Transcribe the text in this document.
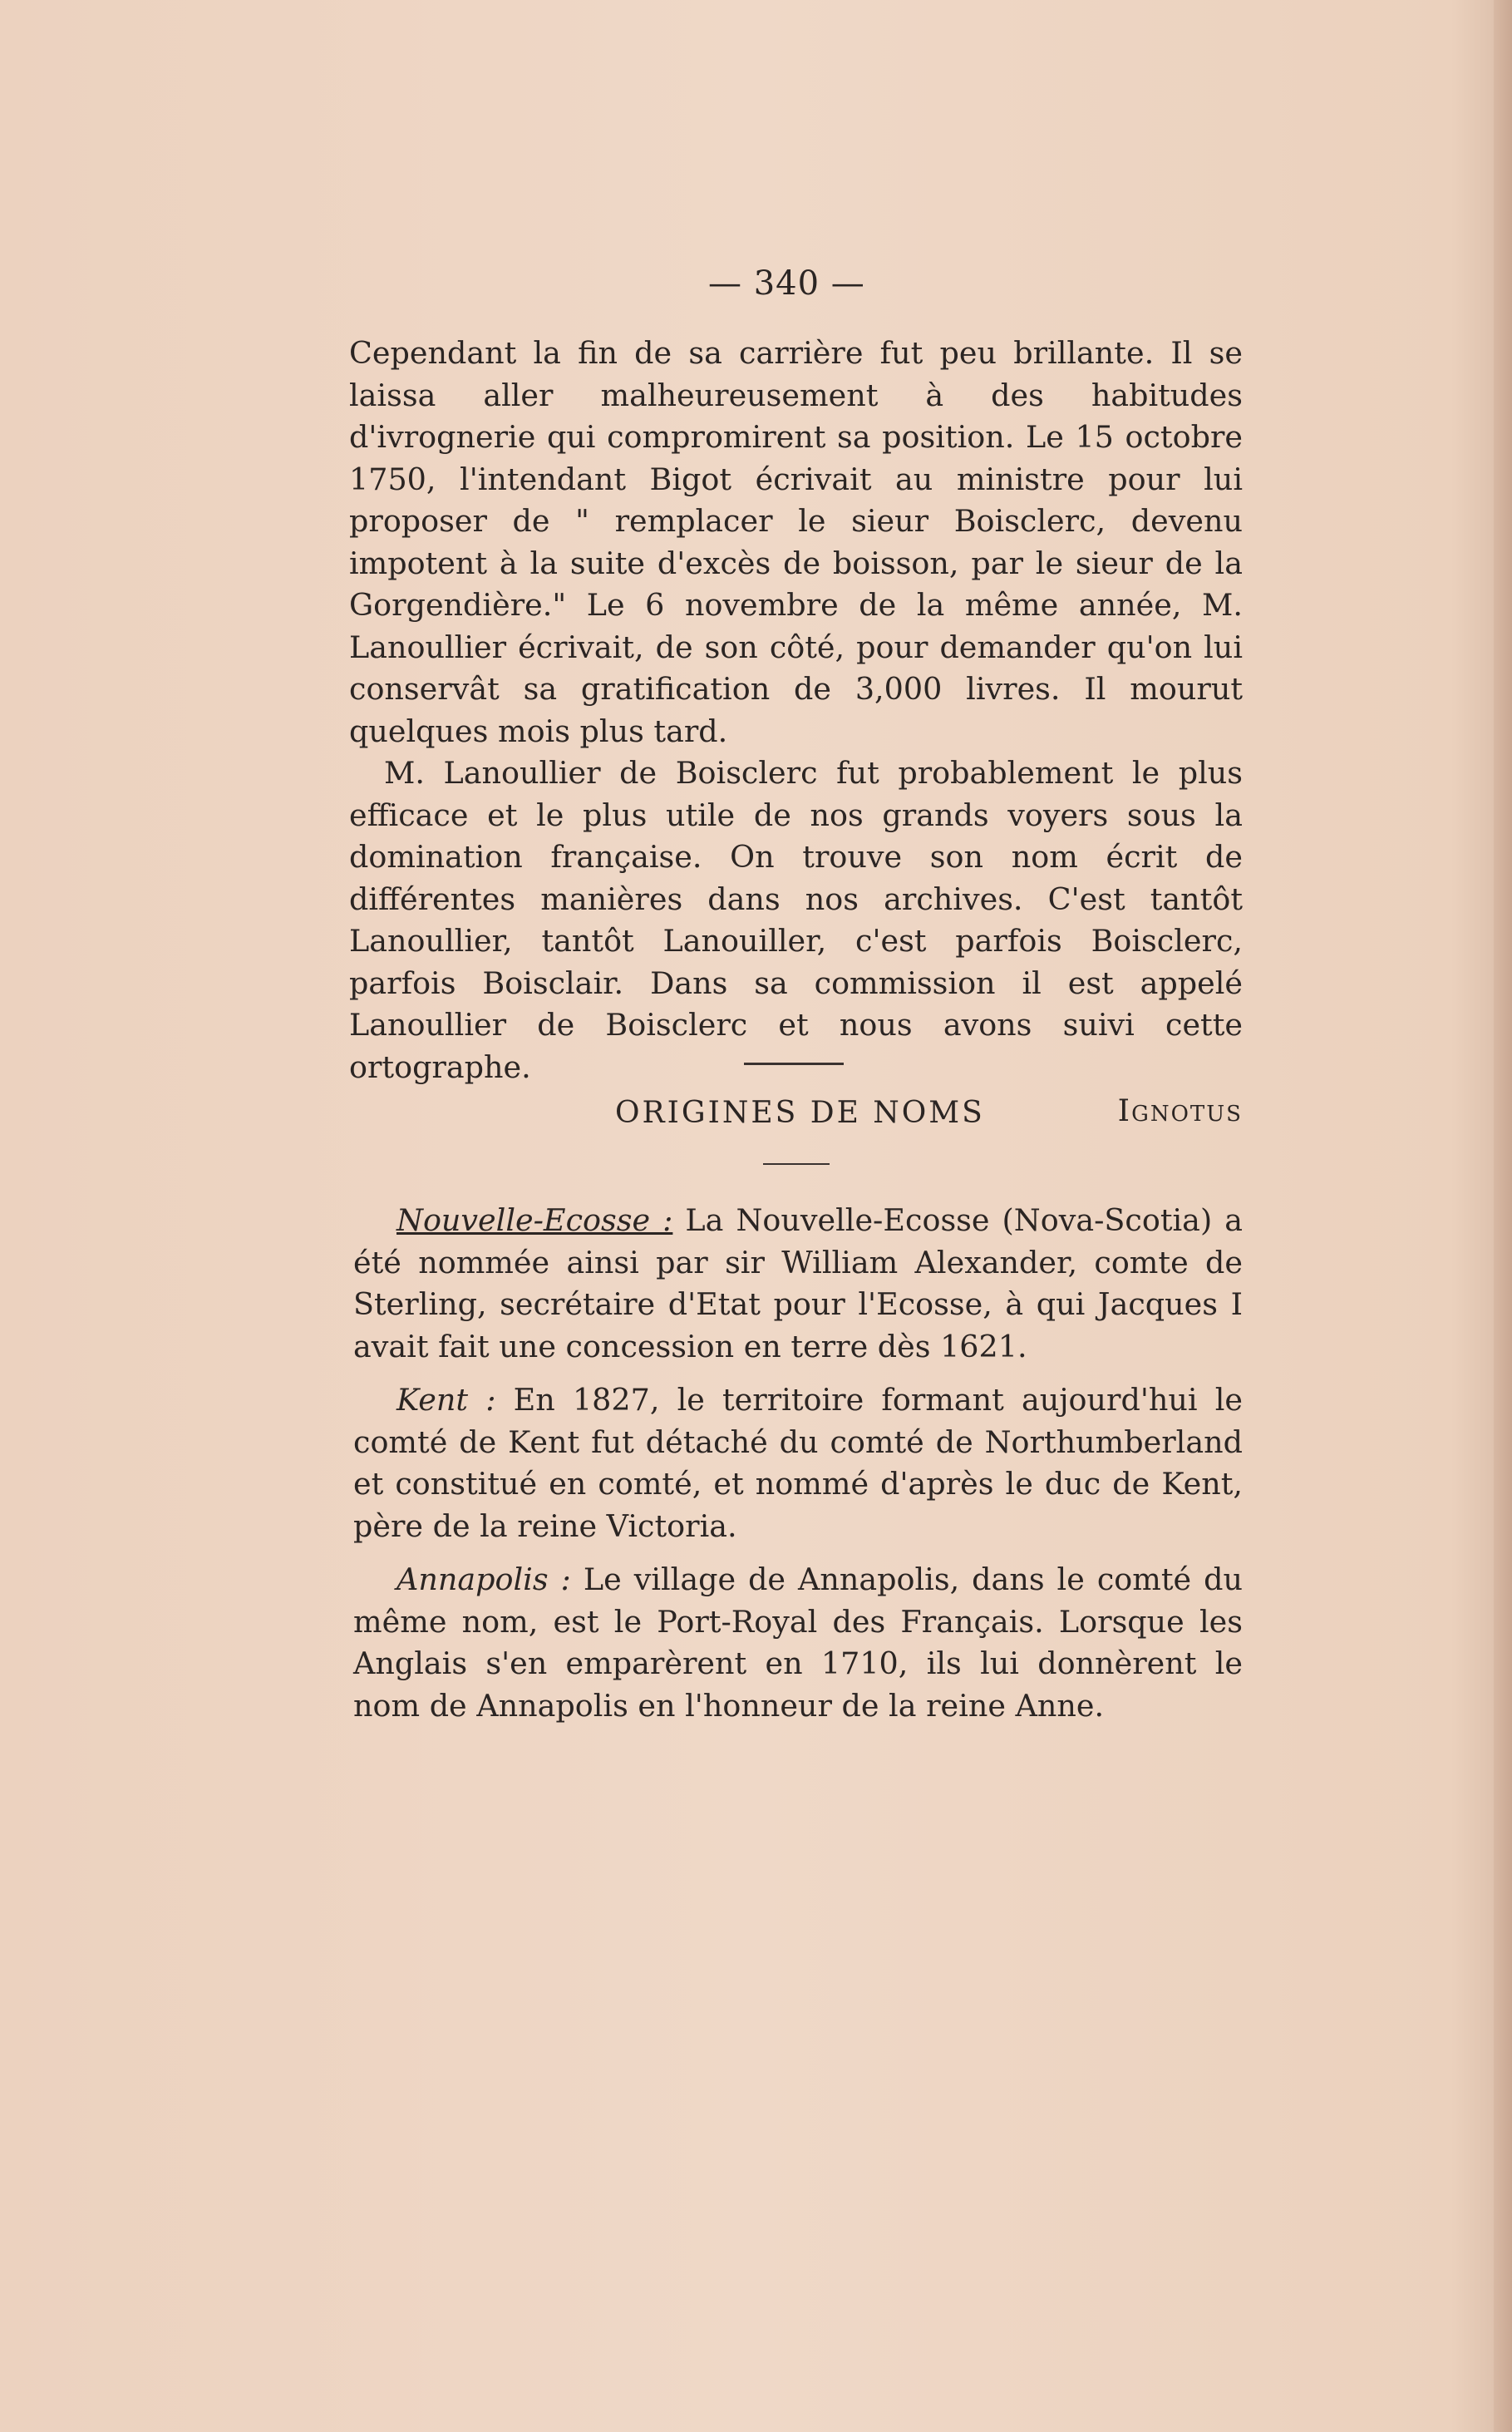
— 340 —

Cependant la fin de sa carrière fut peu brillante. Il se laissa aller malheureusement à des habitudes d'ivrognerie qui compromirent sa position. Le 15 octobre 1750, l'intendant Bigot écrivait au ministre pour lui proposer de " remplacer le sieur Boisclerc, devenu impotent à la suite d'excès de boisson, par le sieur de la Gorgendière." Le 6 novembre de la même année, M. Lanoullier écrivait, de son côté, pour demander qu'on lui conservât sa gratification de 3,000 livres. Il mourut quelques mois plus tard.

M. Lanoullier de Boisclerc fut probablement le plus efficace et le plus utile de nos grands voyers sous la domination française. On trouve son nom écrit de différentes manières dans nos archives. C'est tantôt Lanoullier, tantôt Lanouiller, c'est parfois Boisclerc, parfois Boisclair. Dans sa commission il est appelé Lanoullier de Boisclerc et nous avons suivi cette ortographe.

Ignotus

ORIGINES DE NOMS

Nouvelle-Ecosse : La Nouvelle-Ecosse (Nova-Scotia) a été nommée ainsi par sir William Alexander, comte de Sterling, secrétaire d'Etat pour l'Ecosse, à qui Jacques I avait fait une concession en terre dès 1621.

Kent : En 1827, le territoire formant aujourd'hui le comté de Kent fut détaché du comté de Northumberland et constitué en comté, et nommé d'après le duc de Kent, père de la reine Victoria.

Annapolis : Le village de Annapolis, dans le comté du même nom, est le Port-Royal des Français. Lorsque les Anglais s'en emparèrent en 1710, ils lui donnèrent le nom de Annapolis en l'honneur de la reine Anne.
